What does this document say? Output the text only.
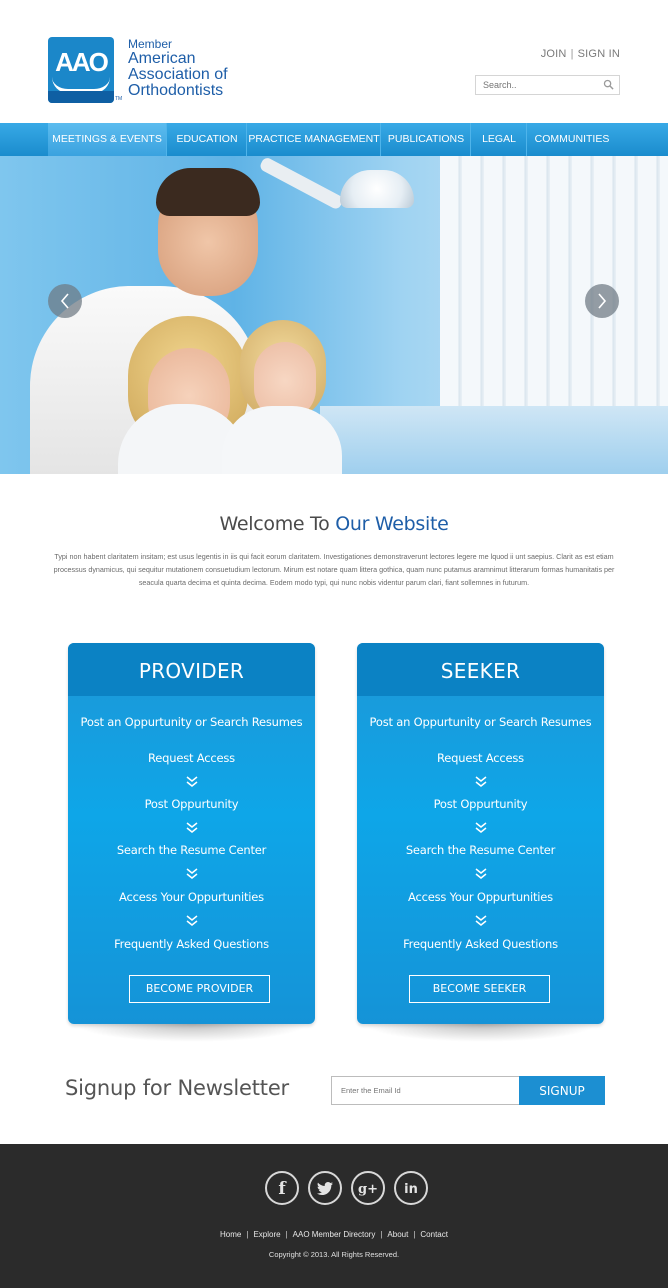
AAO
TM
Member
American
Association of
Orthodontists
JOIN | SIGN IN
Search..
MEETINGS & EVENTS	EDUCATION	PRACTICE MANAGEMENT PUBLICATIONS	LEGAL	COMMUNITIES
Welcome To Our Website

Typi non habent claritatem insitam; est usus legentis in iis qui facit eorum claritatem. Investigationes demonstraverunt lectores legere me lquod ii unt saepius. Clarit as est etiam processus dynamicus, qui sequitur mutationem consuetudium lectorum. Mirum est notare quam littera gothica, quam nunc putamus aramnimut litterarum formas humanitatis per seacula quarta decima et quinta decima. Eodem modo typi, qui nunc nobis videntur parum clari, fiant sollemnes in futurum.

PROVIDER
Post an Oppurtunity or Search Resumes
Request Access
Post Oppurtunity
Search the Resume Center
Access Your Oppurtunities
Frequently Asked Questions
BECOME PROVIDER
SEEKER
Post an Oppurtunity or Search Resumes
Request Access
Post Oppurtunity
Search the Resume Center
Access Your Oppurtunities
Frequently Asked Questions
BECOME SEEKER
Signup for Newsletter
Enter the Email Id	SIGNUP
f	g+ in
Home | Explore | AAO Member Directory | About | Contact
Copyright © 2013. All Rights Reserved.
